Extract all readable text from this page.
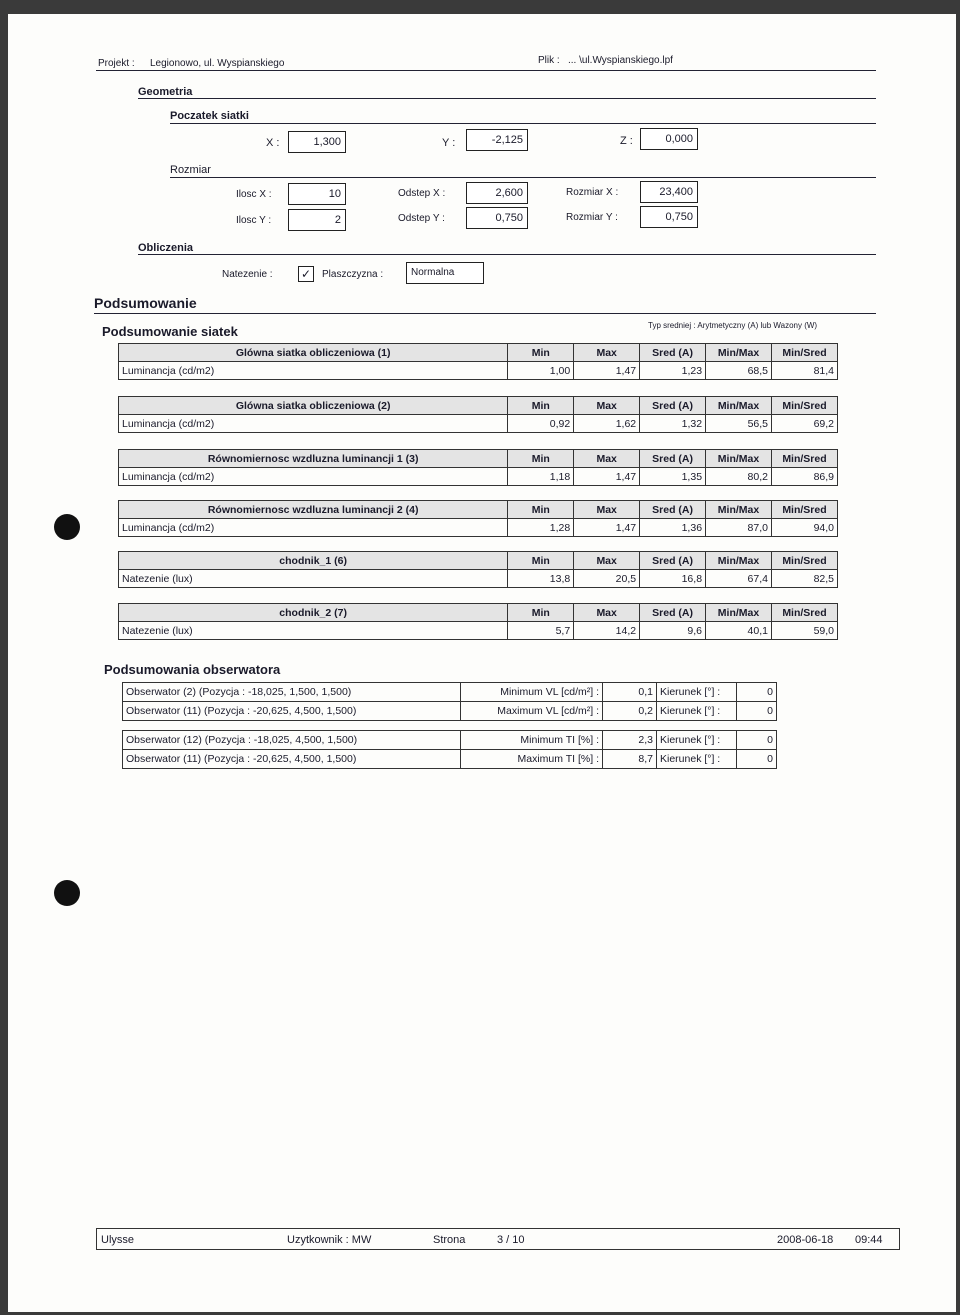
Projekt : Legionowo, ul. Wyspianskiego	Plik : ... \ul.Wyspianskiego.lpf
Geometria
Poczatek siatki
X :	1,300	Y :	-2,125	Z :	0,000
Rozmiar
Ilosc X :	10
Ilosc Y :	2
Odstep X :	2,600
Odstep Y :	0,750
Rozmiar X :	23,400
Rozmiar Y :	0,750
Obliczenia
Natezenie : ✓ Plaszczyzna :	Normalna
Podsumowanie
Podsumowanie siatek	Typ sredniej : Arytmetyczny (A) lub Wazony (W)
Glówna siatka obliczeniowa (1)	Min	Max	Sred (A)	Min/Max	Min/Sred
Luminancja (cd/m2)	1,00	1,47	1,23	68,5	81,4
Glówna siatka obliczeniowa (2)	Min	Max	Sred (A)	Min/Max	Min/Sred
Luminancja (cd/m2)	0,92	1,62	1,32	56,5	69,2
Równomiernosc wzdluzna luminancji 1 (3)	Min	Max	Sred (A)	Min/Max	Min/Sred
Luminancja (cd/m2)	1,18	1,47	1,35	80,2	86,9
Równomiernosc wzdluzna luminancji 2 (4)	Min	Max	Sred (A)	Min/Max	Min/Sred
Luminancja (cd/m2)	1,28	1,47	1,36	87,0	94,0
chodnik_1 (6)	Min	Max	Sred (A)	Min/Max	Min/Sred
Natezenie (lux)	13,8	20,5	16,8	67,4	82,5
chodnik_2 (7)	Min	Max	Sred (A)	Min/Max	Min/Sred
Natezenie (lux)	5,7	14,2	9,6	40,1	59,0
Podsumowania obserwatora
Obserwator (2) (Pozycja : -18,025, 1,500, 1,500)	Minimum VL [cd/m²] :	0,1	Kierunek [°] :	0
Obserwator (11) (Pozycja : -20,625, 4,500, 1,500)	Maximum VL [cd/m²] :	0,2	Kierunek [°] :	0
Obserwator (12) (Pozycja : -18,025, 4,500, 1,500)	Minimum TI [%] :	2,3	Kierunek [°] :	0
Obserwator (11) (Pozycja : -20,625, 4,500, 1,500)	Maximum TI [%] :	8,7	Kierunek [°] :	0
Ulysse	Uzytkownik : MW	Strona	3 / 10	2008-06-18 09:44
